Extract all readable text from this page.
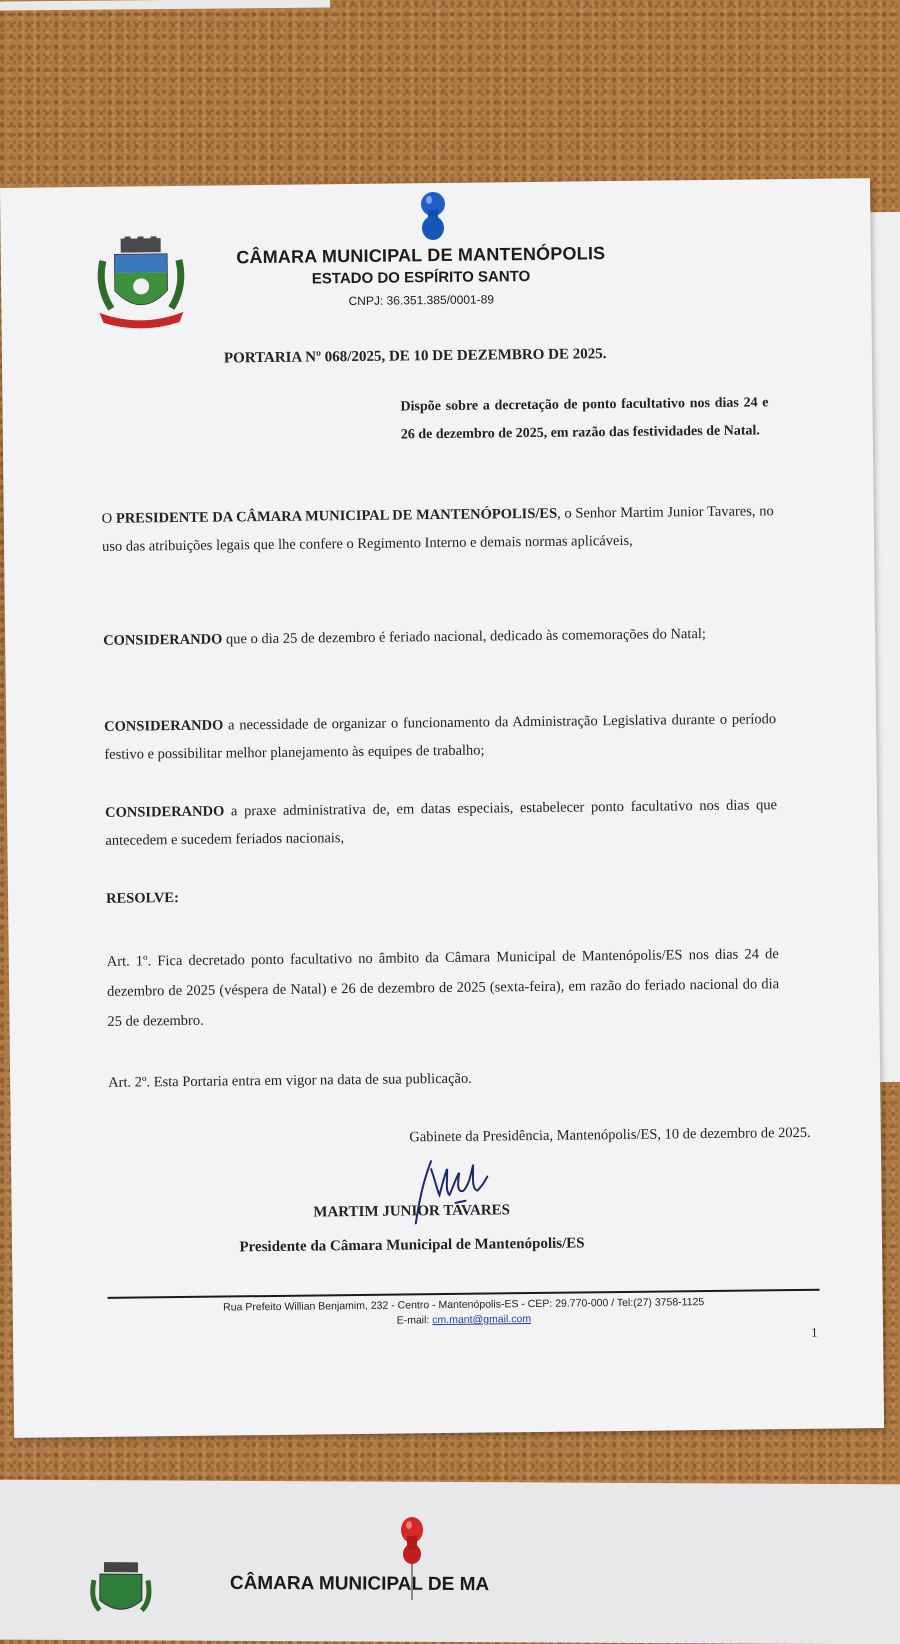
CÂMARA MUNICIPAL DE MA
CÂMARA MUNICIPAL DE MANTENÓPOLIS
ESTADO DO ESPÍRITO SANTO
CNPJ: 36.351.385/0001-89
PORTARIA Nº 068/2025, DE 10 DE DEZEMBRO DE 2025.
Dispõe sobre a decretação de ponto facultativo nos dias 24 e 26 de dezembro de 2025, em razão das festividades de Natal.
O PRESIDENTE DA CÂMARA MUNICIPAL DE MANTENÓPOLIS/ES, o Senhor Martim Junior Tavares, no uso das atribuições legais que lhe confere o Regimento Interno e demais normas aplicáveis,
CONSIDERANDO que o dia 25 de dezembro é feriado nacional, dedicado às comemorações do Natal;
CONSIDERANDO a necessidade de organizar o funcionamento da Administração Legislativa durante o período festivo e possibilitar melhor planejamento às equipes de trabalho;
CONSIDERANDO a praxe administrativa de, em datas especiais, estabelecer ponto facultativo nos dias que antecedem e sucedem feriados nacionais,
RESOLVE:
Art. 1º. Fica decretado ponto facultativo no âmbito da Câmara Municipal de Mantenópolis/ES nos dias 24 de dezembro de 2025 (véspera de Natal) e 26 de dezembro de 2025 (sexta-feira), em razão do feriado nacional do dia 25 de dezembro.
Art. 2º. Esta Portaria entra em vigor na data de sua publicação.
Gabinete da Presidência, Mantenópolis/ES, 10 de dezembro de 2025.
MARTIM JUNIOR TAVARES
Presidente da Câmara Municipal de Mantenópolis/ES
Rua Prefeito Willian Benjamim, 232 - Centro - Mantenópolis-ES - CEP: 29.770-000 / Tel:(27) 3758-1125
E-mail: cm.mant@gmail.com
1
